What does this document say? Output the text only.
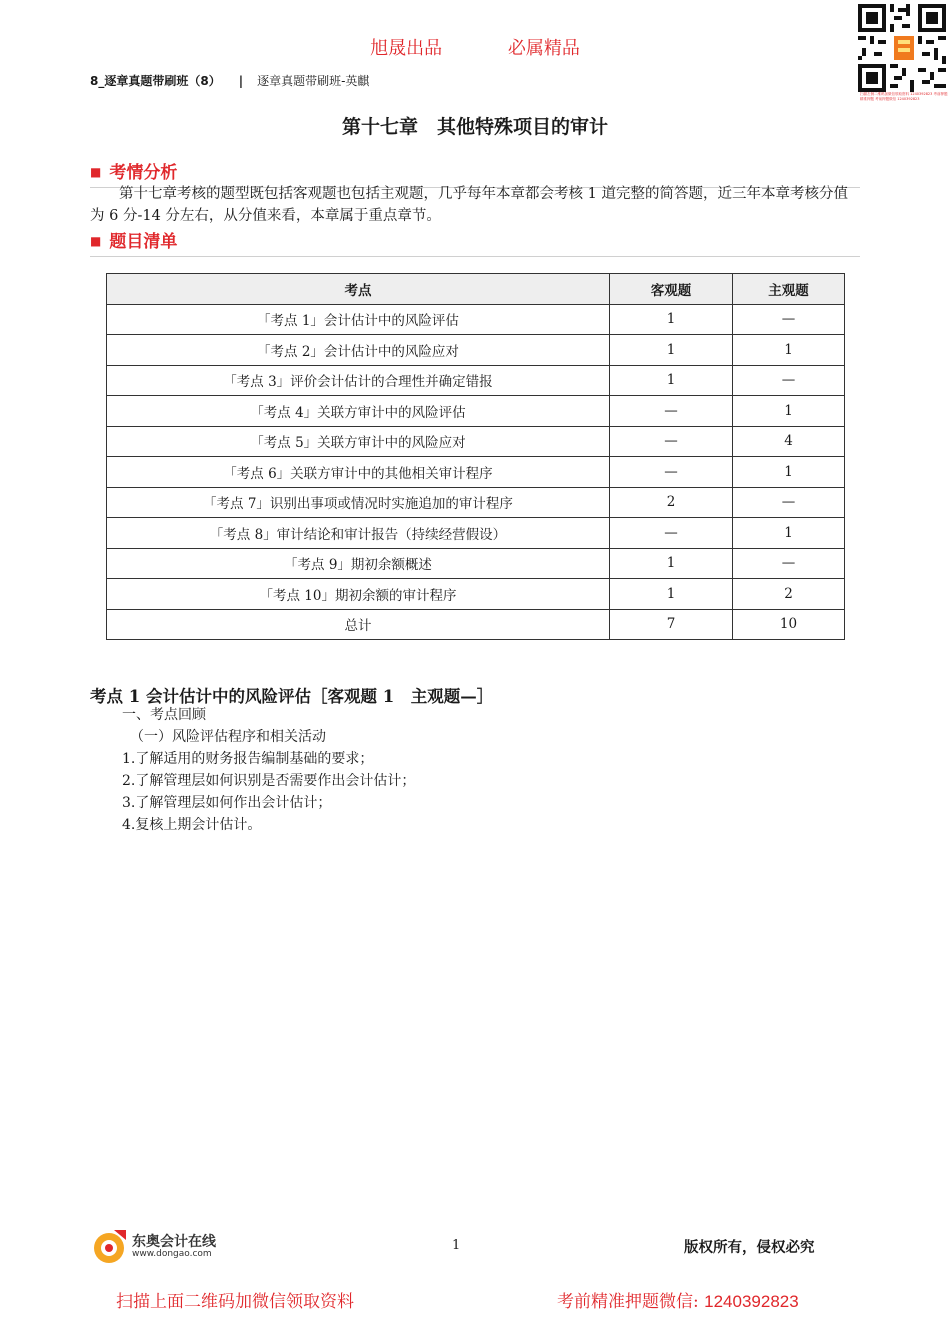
旭晟出品	必属精品
8_逐章真题带刷班（8） | 逐章真题带刷班-英麒
扫描左侧二维码加微信领取资料 1240392823 考前押题 精准押题 考前押题微信 1240392823
第十七章　其他特殊项目的审计
■ 考情分析
第十七章考核的题型既包括客观题也包括主观题，几乎每年本章都会考核 1 道完整的简答题，近三年本章考核分值为 6 分-14 分左右，从分值来看，本章属于重点章节。
■ 题目清单
考点	客观题	主观题
「考点 1」会计估计中的风险评估	1	—
「考点 2」会计估计中的风险应对	1	1
「考点 3」评价会计估计的合理性并确定错报	1	—
「考点 4」关联方审计中的风险评估	—	1
「考点 5」关联方审计中的风险应对	—	4
「考点 6」关联方审计中的其他相关审计程序	—	1
「考点 7」识别出事项或情况时实施追加的审计程序	2	—
「考点 8」审计结论和审计报告（持续经营假设）	—	1
「考点 9」期初余额概述	1	—
「考点 10」期初余额的审计程序	1	2
总计	7	10
考点 1 会计估计中的风险评估［客观题 1　主观题—］
一、考点回顾
（一）风险评估程序和相关活动
1.了解适用的财务报告编制基础的要求；
2.了解管理层如何识别是否需要作出会计估计；
3.了解管理层如何作出会计估计；
4.复核上期会计估计。
东奥会计在线
www.dongao.com
1	版权所有，侵权必究
扫描上面二维码加微信领取资料	考前精准押题微信: 1240392823
